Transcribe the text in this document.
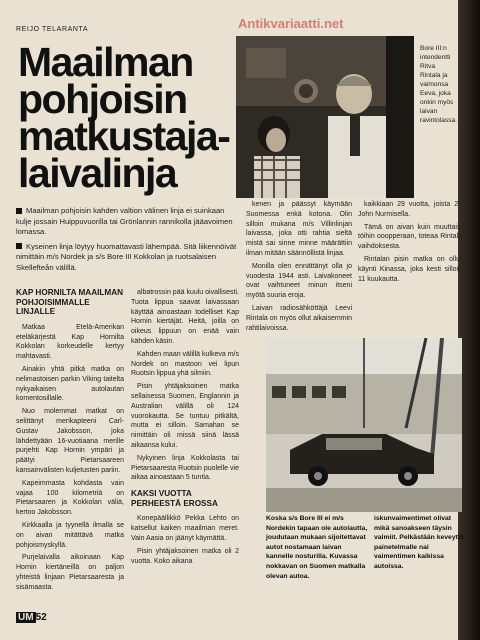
REIJO TELARANTA
Maailman
pohjoisin
matkustaja-
laivalinja

Maailman pohjoisin kahden valtion välinen linja ei suinkaan kulje jossain Huippuvuorilla tai Grönlannin rannikolla jääavoimen lomassa.

Kyseinen linja löytyy huomattavasti lähempää. Sitä liikennöivät nimittäin m/s Nordek ja s/s Bore III Kokkolan ja ruotsalaisen Skellefteån välillä.

KAP HORNILTA MAAILMAN POHJOISIMMALLE LINJALLE

Matkaa Etelä-Amerikan eteläkärjestä Kap Hornilta Kokkolan korkeudelle kertyy mahtavasti.

Ainakin yhtä pitkä matka on nelimastoisen parkin Viking taitelta nykyaikaisen autolautan komentosillalle.

Nuo molemmat matkat on selittänyt merikapteeni Carl-Gustav Jakobsson, joka lähdettyään 16-vuotiaana merille purjehti Kap Hornin ympäri ja päätyi Pietarsaareen kansainvälisten kuljetusten pariin.

Kapeimmasta kohdasta vain vajaa 100 kilometriä on Pietarsaaren ja Kokkolan väliä, kertoo Jakobsson.

Kirkkaalla ja tyynellä ilmalla se on aivan mitättävä matka pohjoismyskyllä.

Purjelaivalla aikoinaan Kap Hornin kiertäneillä on paljon yhteistä linjaan Pietarsaaresta ja sisämaasta.

albatrossin pää kuulu oivallisesti. Tuota lippua saavat laivassaan käyttää ainoastaan todelliset Kap Hornin kiertäjät. Heitä, joilla on oikeus lippuun on enää vain kähden käsin.

Kahden maan välillä kulkeva m/s Nordek on mastoon vei lipun Ruotsin lippua yhä silmiin.

Pisin yhtäjaksoinen matka sellaisessa Suomen, Englannin ja Australian välillä oli 124 vuorokautta. Se tuntuu pitkältä, mutta ei silloin. Samahan se nimittäin oli missä siinä lässä aikaansa kului.

Nykyinen linja Kokkolasta tai Pietarsaaresta Ruotsin puolelle vie aikaa ainoastaan 5 tuntia.

KAKSI VUOTTA PERHEESTÄ EROSSA

Konepäällikkö Pekka Lehto on katsellut kaiken maailman meret. Vain Aasia on jäänyt käymättä.

Pisin yhtäjaksoinen matka oli 2 vuotta. Koko aikana

kenen ja päässyt käymään Suomessa enkä kotona. Olin silloin mukana m/s Villinlinjan laivassa, joka otti rahtia sieltä mistä sai sinne minne määrättiin ilman mitään säännöllistä linjaa.

Monilla olen ennättänyt olla jo vuodesta 1944 asti. Laivakoneet ovat vaihtuneet minun itseni myötä suuria eroja.

Laivan radiosähköttäjä Leevi Rintala on myös ollut aikaisemmin rahtilaivoissa.

kaikkiaan 29 vuotta, joista 26 John Nurmisella.

Tämä on aivan kuin muuttaisi töihin ooopperaan, toteaa Rintala vaihdoksesta.

Rintalan pisin matka on ollut käynti Kinassa, joka kesti silloin 11 kuukautta.

Bore III:n intendentti Ritva Rintala ja vaimonsa Eeva, joka onkin myös laivan ravintolassa.
Koska s/s Bore III ei m/s Nordekin tapaan ole autolautta, joudutaan mukaan sijoitettavat autot nostamaan laivan kannelle nosturilla. Kuvassa nokkavan on Suomen matkalla olevan autoa.
iskunvaimentimet olivat mikä sanoakseen täysin valmiit. Pelkästään keveyttä painetelmalle nai vaimentimen kaikissa autoissa.
Antikvariaatti.net
UM 52
